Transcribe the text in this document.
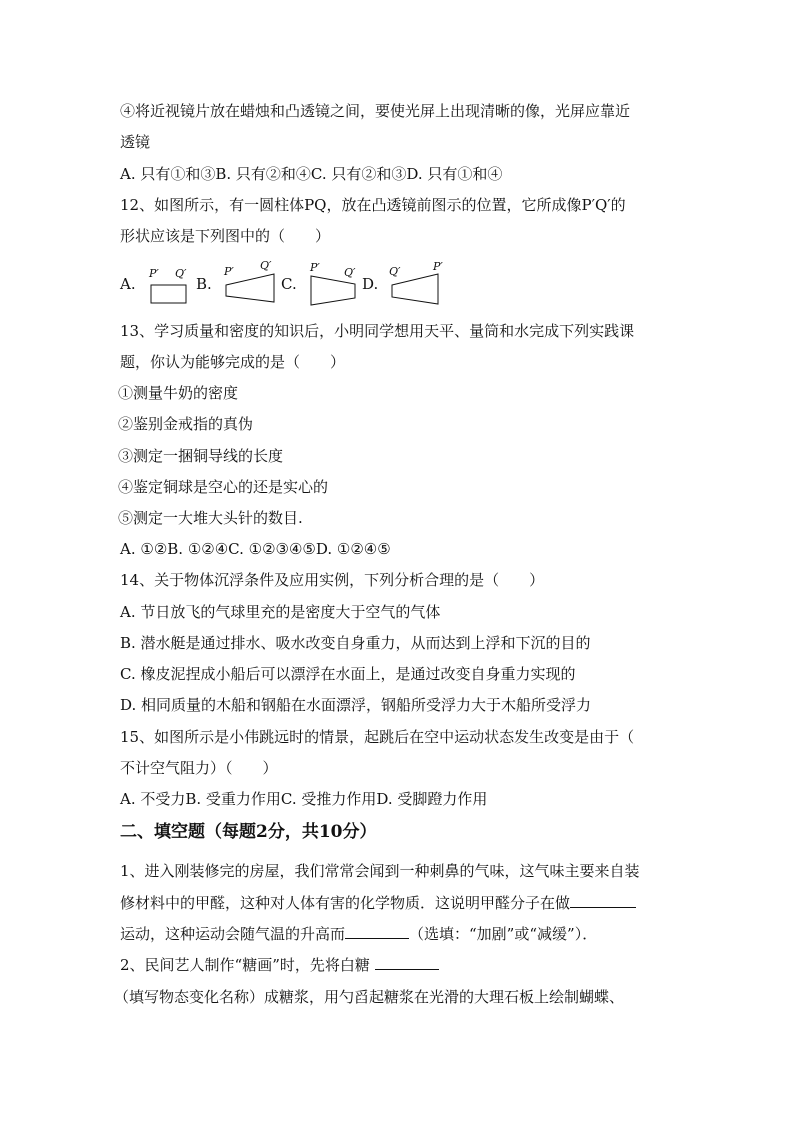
④将近视镜片放在蜡烛和凸透镜之间，要使光屏上出现清晰的像，光屏应靠近
透镜
A. 只有①和③B. 只有②和④C. 只有②和③D. 只有①和④
12、如图所示，有一圆柱体PQ，放在凸透镜前图示的位置，它所成像P′Q′的
形状应该是下列图中的（　　）
A.
P′ Q′
B.
P′ Q′
C.
P′ Q′
D.
Q′	P′
13、学习质量和密度的知识后，小明同学想用天平、量筒和水完成下列实践课
题，你认为能够完成的是（　　）
①测量牛奶的密度
②鉴别金戒指的真伪
③测定一捆铜导线的长度
④鉴定铜球是空心的还是实心的
⑤测定一大堆大头针的数目.
A. ①②B. ①②④C. ①②③④⑤D. ①②④⑤
14、关于物体沉浮条件及应用实例，下列分析合理的是（　　）
A. 节日放飞的气球里充的是密度大于空气的气体
B. 潜水艇是通过排水、吸水改变自身重力，从而达到上浮和下沉的目的
C. 橡皮泥捏成小船后可以漂浮在水面上，是通过改变自身重力实现的
D. 相同质量的木船和钢船在水面漂浮，钢船所受浮力大于木船所受浮力
15、如图所示是小伟跳远时的情景，起跳后在空中运动状态发生改变是由于（
不计空气阻力）（　　）
A. 不受力B. 受重力作用C. 受推力作用D. 受脚蹬力作用
二、填空题（每题2分，共10分）
1、进入刚装修完的房屋，我们常常会闻到一种刺鼻的气味，这气味主要来自装
修材料中的甲醛，这种对人体有害的化学物质．这说明甲醛分子在做
运动，这种运动会随气温的升高而	（选填：“加剧”或“减缓”）．
2、民间艺人制作“糖画”时，先将白糖
（填写物态变化名称）成糖浆，用勺舀起糖浆在光滑的大理石板上绘制蝴蝶、
